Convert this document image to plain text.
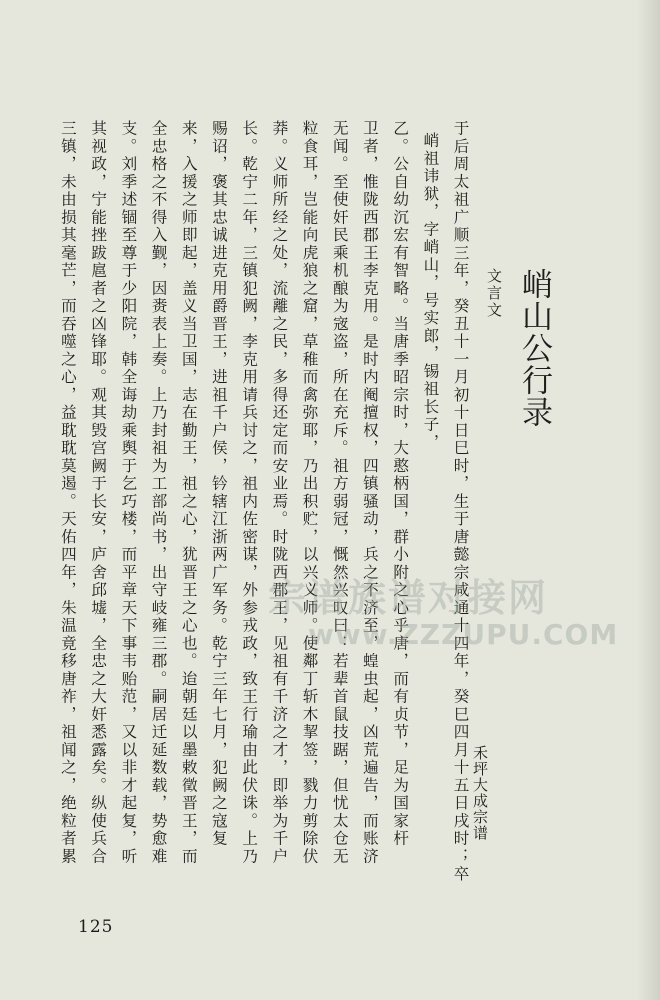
峭山公行录
文言文
于后周太祖广顺三年，癸丑十一月初十日巳时，生于唐懿宗咸通十四年，癸巳四月十五日戌时；卒
峭祖讳狱，字峭山，号实郎，锡祖长子，
乙。公自幼沉宏有智略。当唐季昭宗时，大憨柄国，群小附之心乎唐，而有贞节，足为国家杆
卫者，惟陇西郡王李克用。是时内阉擅权，四镇骚动，兵之不济至，蝗虫起，凶荒遍告，而账济
无闻。至使奸民乘机酿为宼盗，所在充斥。祖方弱冠，慨然兴叹曰：若辈首鼠技踞，但忧太仓无
粒食耳，岂能向虎狼之窟，草稚而禽弥耶，乃出积贮，以兴义师。使鄰丁斩木挈签，戮力剪除伏
莽。义师所经之处，流離之民，多得还定而安业焉。时陇西郡王，见祖有千济之才，即举为千户
长。乾宁二年，三镇犯阙，李克用请兵讨之，祖内佐密谋，外参戎政，致王行瑜由此伏诛。上乃
赐诏，褒其忠诚进克用爵晋王，进祖千户侯，钤辖江浙两广军务。乾宁三年七月，犯阙之寇复
来，入援之师即起，盖义当卫国，志在勤王，祖之心，犹晋王之心也。迨朝廷以墨敕徵晋王，而
全忠格之不得入觐，因赉表上奏。上乃封祖为工部尚书，出守岐雍三郡。嗣居迁延数载，势愈难
支。刘季述锢至尊于少阳院，韩全诲劫乘舆于乞巧楼，而平章天下事韦贻范，又以非才起复，听
其视政，宁能挫跋扈者之凶锋耶。观其毁宫阙于长安，庐舍邱墟，全忠之大奸悉露矣。纵使兵合
三镇，未由损其毫芒，而吞噬之心，益耽耽莫遏。天佑四年，朱温竟移唐祚，祖闻之，绝粒者累	禾坪大成宗谱
125
宗谱族谱对接网
www.ZZZUPU.COM
